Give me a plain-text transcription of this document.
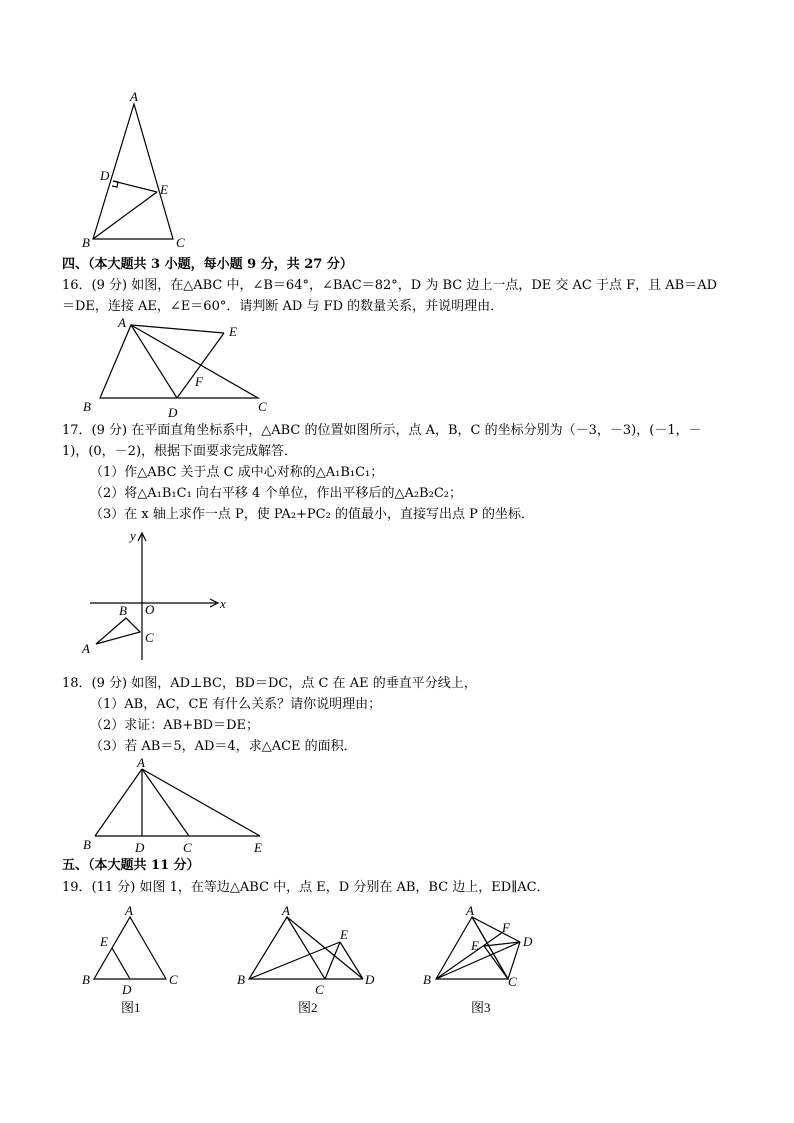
A
D
E
B	C
四、（本大题共 3 小题，每小题 9 分，共 27 分）
16．(9 分) 如图，在△ABC 中，∠B＝64°，∠BAC＝82°，D 为 BC 边上一点，DE 交 AC 于点 F，且 AB＝AD
＝DE，连接 AE，∠E＝60°．请判断 AD 与 FD 的数量关系，并说明理由．
A
E
F
B	D	C
17．(9 分) 在平面直角坐标系中，△ABC 的位置如图所示，点 A，B，C 的坐标分别为（－3，－3)，(－1，－
1)，(0，－2)，根据下面要求完成解答．
（1）作△ABC 关于点 C 成中心对称的△A₁B₁C₁；
（2）将△A₁B₁C₁ 向右平移 4 个单位，作出平移后的△A₂B₂C₂；
（3）在 x 轴上求作一点 P，使 PA₂+PC₂ 的值最小，直接写出点 P 的坐标．
y
x
O
B
C
A
18．(9 分) 如图，AD⊥BC，BD＝DC，点 C 在 AE 的垂直平分线上，
（1）AB，AC，CE 有什么关系？请你说明理由；
（2）求证：AB+BD＝DE；
（3）若 AB＝5，AD＝4，求△ACE 的面积．
A
B	D	C	E
五、（本大题共 11 分）
19．(11 分) 如图 1，在等边△ABC 中，点 E，D 分别在 AB，BC 边上，ED∥AC．
A
E
B
D
C
图1
A
E
B
C
D
图2
A
F
D
E
B	C
图3
